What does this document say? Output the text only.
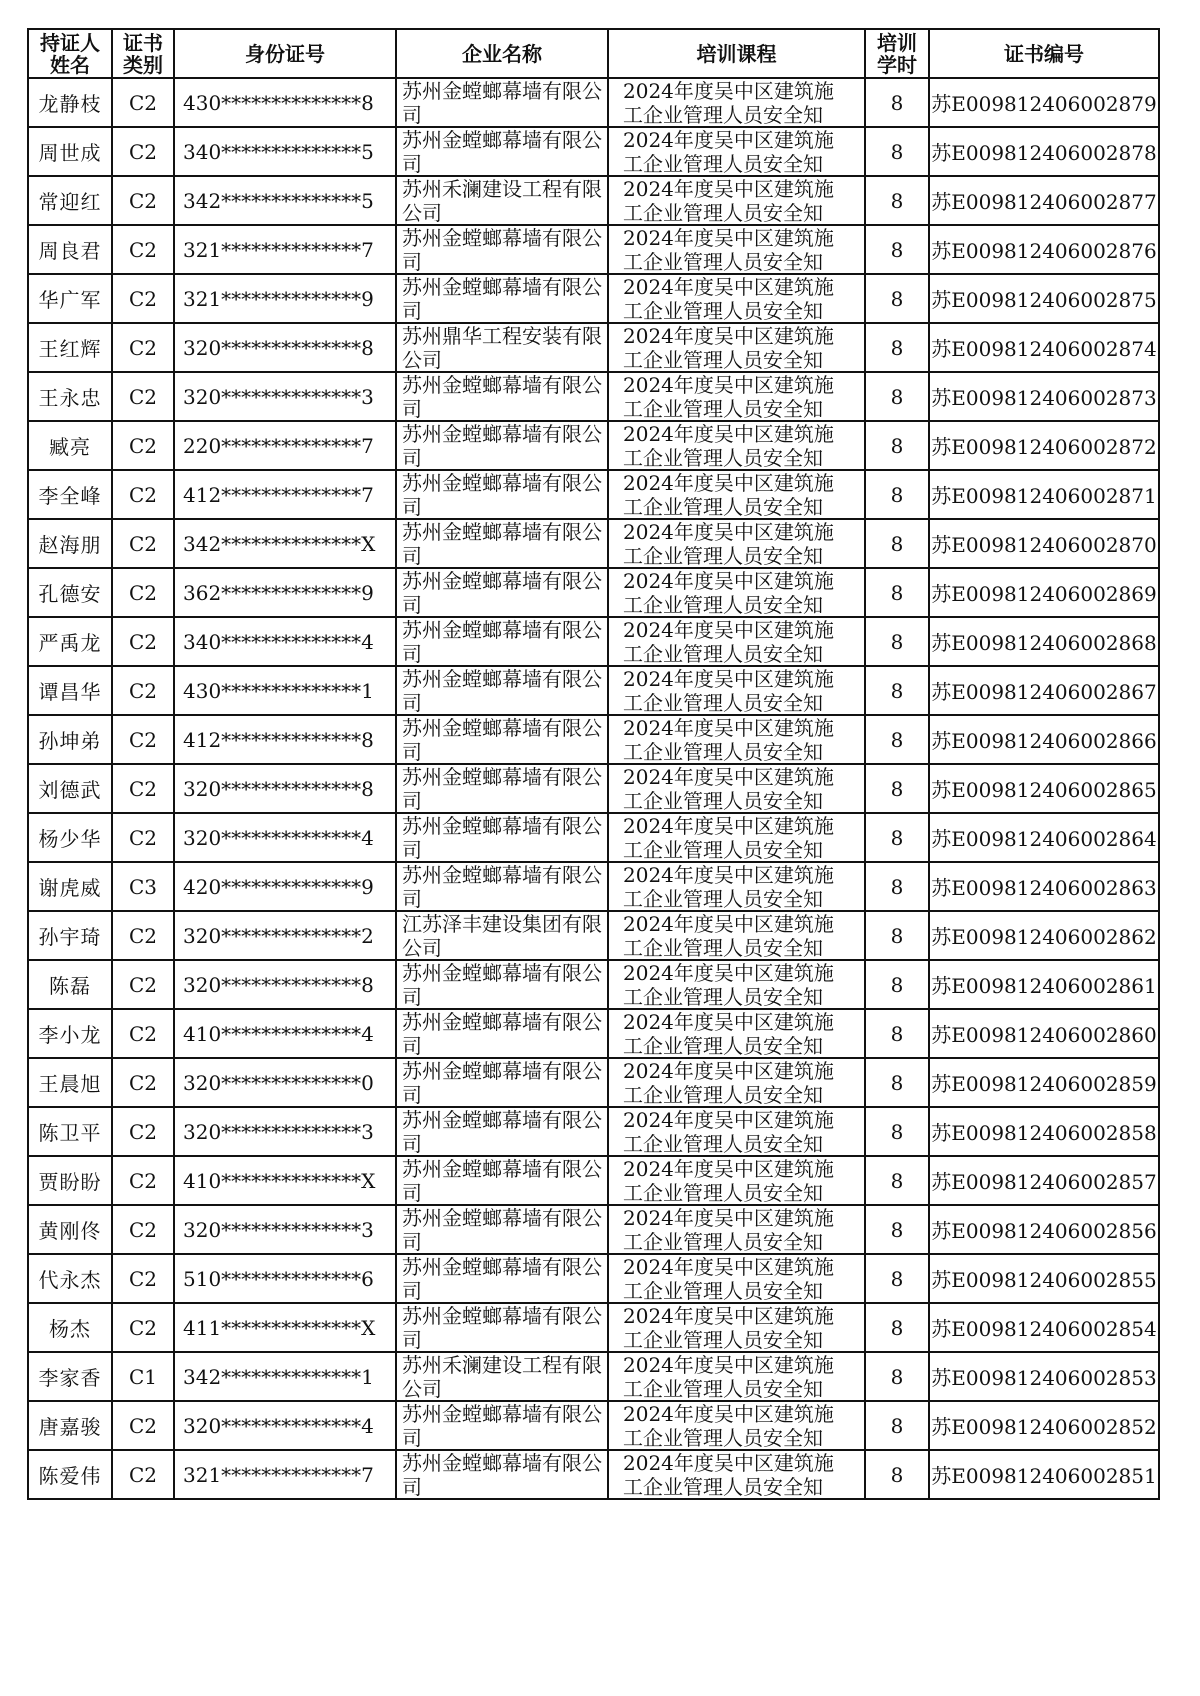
持证人姓名	证书类别	身份证号	企业名称	培训课程	培训学时	证书编号

龙静枝	C2	430**************8	苏州金螳螂幕墙有限公司	2024年度吴中区建筑施工企业管理人员安全知	8	苏E009812406002879
周世成	C2	340**************5	苏州金螳螂幕墙有限公司	2024年度吴中区建筑施工企业管理人员安全知	8	苏E009812406002878
常迎红	C2	342**************5	苏州禾澜建设工程有限公司	2024年度吴中区建筑施工企业管理人员安全知	8	苏E009812406002877
周良君	C2	321**************7	苏州金螳螂幕墙有限公司	2024年度吴中区建筑施工企业管理人员安全知	8	苏E009812406002876
华广军	C2	321**************9	苏州金螳螂幕墙有限公司	2024年度吴中区建筑施工企业管理人员安全知	8	苏E009812406002875
王红辉	C2	320**************8	苏州鼎华工程安装有限公司	2024年度吴中区建筑施工企业管理人员安全知	8	苏E009812406002874
王永忠	C2	320**************3	苏州金螳螂幕墙有限公司	2024年度吴中区建筑施工企业管理人员安全知	8	苏E009812406002873
臧亮	C2	220**************7	苏州金螳螂幕墙有限公司	2024年度吴中区建筑施工企业管理人员安全知	8	苏E009812406002872
李全峰	C2	412**************7	苏州金螳螂幕墙有限公司	2024年度吴中区建筑施工企业管理人员安全知	8	苏E009812406002871
赵海朋	C2	342**************X	苏州金螳螂幕墙有限公司	2024年度吴中区建筑施工企业管理人员安全知	8	苏E009812406002870
孔德安	C2	362**************9	苏州金螳螂幕墙有限公司	2024年度吴中区建筑施工企业管理人员安全知	8	苏E009812406002869
严禹龙	C2	340**************4	苏州金螳螂幕墙有限公司	2024年度吴中区建筑施工企业管理人员安全知	8	苏E009812406002868
谭昌华	C2	430**************1	苏州金螳螂幕墙有限公司	2024年度吴中区建筑施工企业管理人员安全知	8	苏E009812406002867
孙坤弟	C2	412**************8	苏州金螳螂幕墙有限公司	2024年度吴中区建筑施工企业管理人员安全知	8	苏E009812406002866
刘德武	C2	320**************8	苏州金螳螂幕墙有限公司	2024年度吴中区建筑施工企业管理人员安全知	8	苏E009812406002865
杨少华	C2	320**************4	苏州金螳螂幕墙有限公司	2024年度吴中区建筑施工企业管理人员安全知	8	苏E009812406002864
谢虎威	C3	420**************9	苏州金螳螂幕墙有限公司	2024年度吴中区建筑施工企业管理人员安全知	8	苏E009812406002863
孙宇琦	C2	320**************2	江苏泽丰建设集团有限公司	2024年度吴中区建筑施工企业管理人员安全知	8	苏E009812406002862
陈磊	C2	320**************8	苏州金螳螂幕墙有限公司	2024年度吴中区建筑施工企业管理人员安全知	8	苏E009812406002861
李小龙	C2	410**************4	苏州金螳螂幕墙有限公司	2024年度吴中区建筑施工企业管理人员安全知	8	苏E009812406002860
王晨旭	C2	320**************0	苏州金螳螂幕墙有限公司	2024年度吴中区建筑施工企业管理人员安全知	8	苏E009812406002859
陈卫平	C2	320**************3	苏州金螳螂幕墙有限公司	2024年度吴中区建筑施工企业管理人员安全知	8	苏E009812406002858
贾盼盼	C2	410**************X	苏州金螳螂幕墙有限公司	2024年度吴中区建筑施工企业管理人员安全知	8	苏E009812406002857
黄刚佟	C2	320**************3	苏州金螳螂幕墙有限公司	2024年度吴中区建筑施工企业管理人员安全知	8	苏E009812406002856
代永杰	C2	510**************6	苏州金螳螂幕墙有限公司	2024年度吴中区建筑施工企业管理人员安全知	8	苏E009812406002855
杨杰	C2	411**************X	苏州金螳螂幕墙有限公司	2024年度吴中区建筑施工企业管理人员安全知	8	苏E009812406002854
李家香	C1	342**************1	苏州禾澜建设工程有限公司	2024年度吴中区建筑施工企业管理人员安全知	8	苏E009812406002853
唐嘉骏	C2	320**************4	苏州金螳螂幕墙有限公司	2024年度吴中区建筑施工企业管理人员安全知	8	苏E009812406002852
陈爱伟	C2	321**************7	苏州金螳螂幕墙有限公司	2024年度吴中区建筑施工企业管理人员安全知	8	苏E009812406002851
